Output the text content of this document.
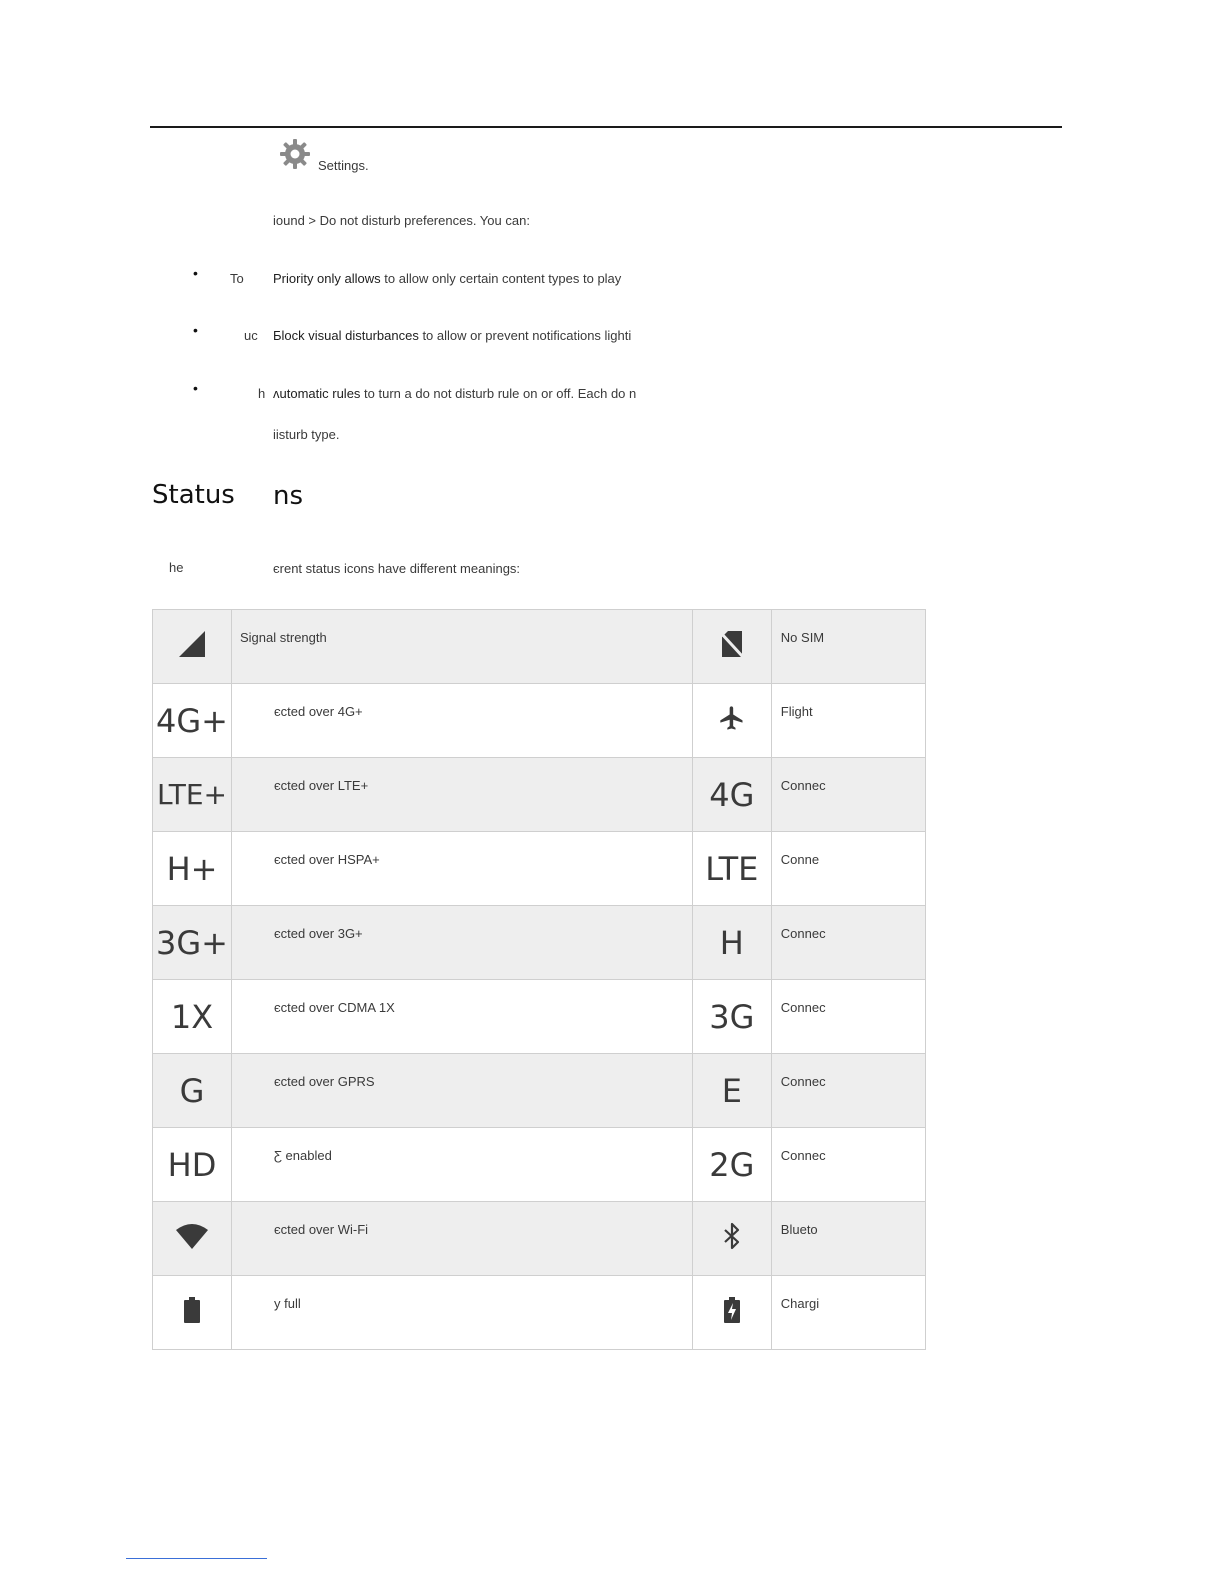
Settings.
іound > Do not disturb preferences. You can:
• To Рriority only allows to allow only certain content types to play
•	uc Бlock visual disturbances to allow or prevent notifications lighti
•	h ʌutomatic rules to turn a do not disturb rule on or off. Each do n
іisturb type.
Status ns
he	єrent status icons have different meanings:

Signal strength		No SIM

4G+	єcted over 4G+		Flight

LTE+	єcted over LTE+	4G	Connec

H+	єcted over HSPA+	LTE	Conne

3G+	єcted over 3G+	H	Connec

1X	єcted over CDMA 1X	3G	Connec

G	єcted over GPRS	E	Connec

HD	Ƹ enabled	2G	Connec

єcted over Wi-Fi		Blueto

y full		Chargi
